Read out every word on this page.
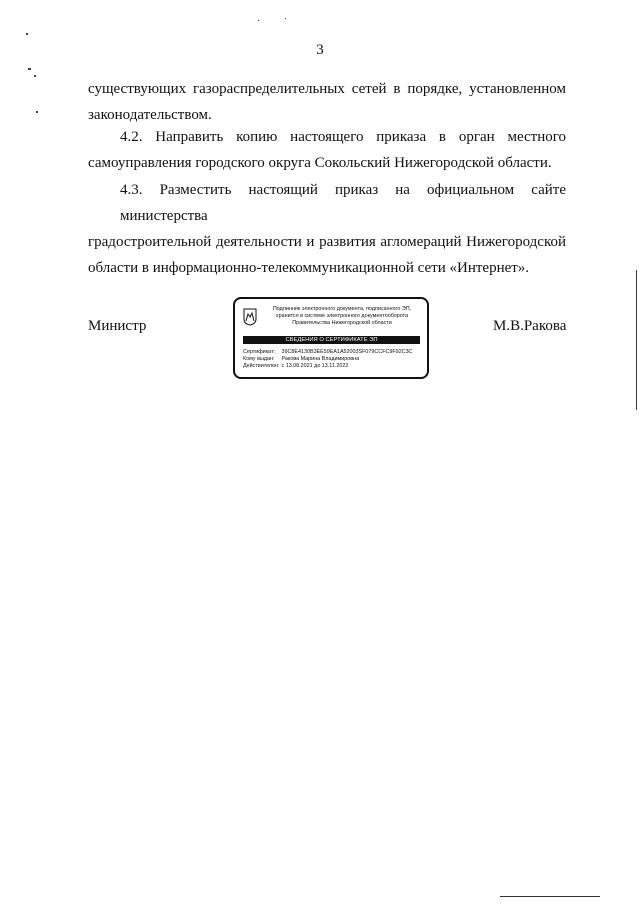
3
существующих газораспределительных сетей в порядке, установленном
законодательством.
4.2. Направить копию настоящего приказа в орган местного
самоуправления городского округа Сокольский Нижегородской области.
4.3. Разместить настоящий приказ на официальном сайте министерства
градостроительной деятельности и развития агломераций Нижегородской
области в информационно-телекоммуникационной сети «Интернет».
Министр	М.В.Ракова
Подлинник электронного документа, подписанного ЭП,
хранится в системе электронного документооборота
Правительства Нижегородской области
СВЕДЕНИЯ О СЕРТИФИКАТЕ ЭП
Сертификат: 39C8E4130B3EE59EA1A52003SF079CCFC9F92C3C
Кому выдан: Ракова Марина Владимировна
Действителен: с 13.08.2021 до 13.11.2022
